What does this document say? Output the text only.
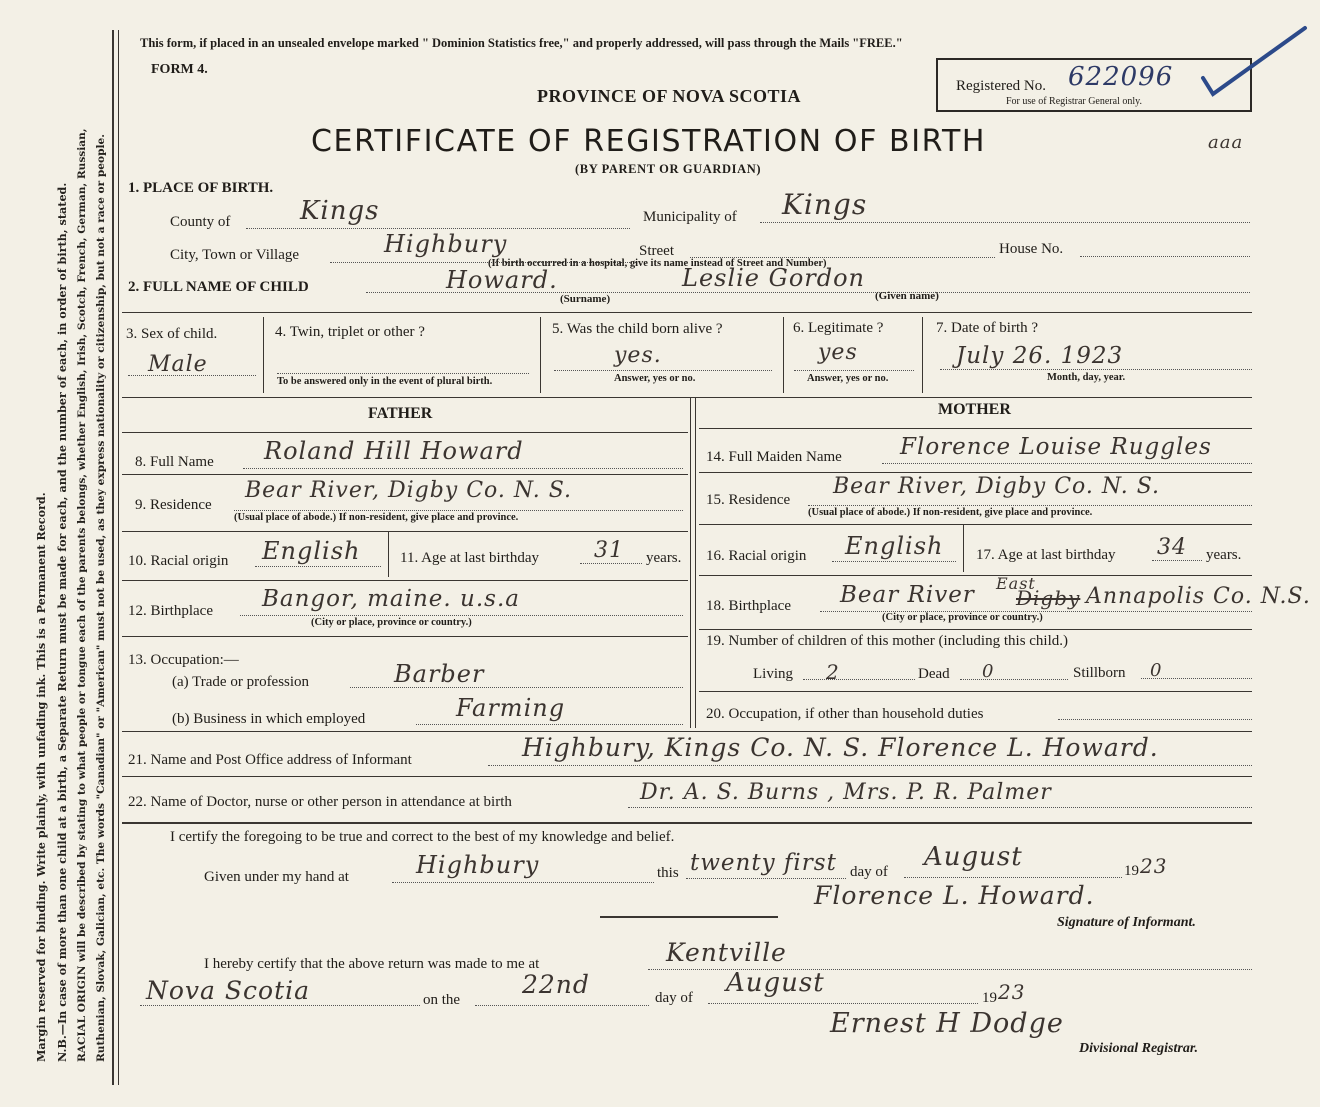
Margin reserved for binding. Write plainly, with unfading ink. This is a Permanent Record. N.B.—In case of more than one child at a birth, a Separate Return must be made for each, and the number of each, in order of birth, stated. RACIAL ORIGIN will be described by stating to what people or tongue each of the parents belongs, whether English, Irish, Scotch, French, German, Russian, Ruthenian, Slovak, Galician, etc. The words "Canadian" or "American" must not be used, as they express nationality or citizenship, but not a race or people.
This form, if placed in an unsealed envelope marked " Dominion Statistics free," and properly addressed, will pass through the Mails "FREE."
FORM 4.
PROVINCE OF NOVA SCOTIA
CERTIFICATE OF REGISTRATION OF BIRTH
(BY PARENT OR GUARDIAN)
Registered No. 622096
For use of Registrar General only.
aaa
1. PLACE OF BIRTH.
County of	Kings	Municipality of Kings
City, Town or Village	Highbury	Street	House No.
(If birth occurred in a hospital, give its name instead of Street and Number)
2. FULL NAME OF CHILD	Howard.	Leslie Gordon
(Surname)	(Given name)
3. Sex of child.
Male
4. Twin, triplet or other ?
To be answered only in the event of plural birth.
5. Was the child born alive ?
yes.
Answer, yes or no.
6. Legitimate ?
yes
Answer, yes or no.
7. Date of birth ?
July 26. 1923
Month, day, year.
FATHER	MOTHER
8. Full Name Roland Hill Howard
9. Residence
Bear River, Digby Co. N. S.
(Usual place of abode.) If non-resident, give place and province.
10. Racial origin English	11. Age at last birthday	31 years.
12. Birthplace Bangor, maine. u.s.a
(City or place, province or country.)
13. Occupation:—
(a) Trade or profession	Barber
(b) Business in which employed	Farming
14. Full Maiden Name	Florence Louise Ruggles
15. Residence
Bear River, Digby Co. N. S.
(Usual place of abode.) If non-resident, give place and province.
16. Racial origin English 17. Age at last birthday 34 years.
18. Birthplace Bear River East
Digby Annapolis Co. N.S.
(City or place, province or country.)
19. Number of children of this mother (including this child.)
Living 2	Dead 0	Stillborn 0
20. Occupation, if other than household duties
21. Name and Post Office address of Informant	Highbury, Kings Co. N. S. Florence L. Howard.
22. Name of Doctor, nurse or other person in attendance at birth	Dr. A. S. Burns , Mrs. P. R. Palmer
I certify the foregoing to be true and correct to the best of my knowledge and belief.
Given under my hand at	Highbury	this twenty first day of August	19 23
Florence L. Howard.
Signature of Informant.
I hereby certify that the above return was made to me at	Kentville
Nova Scotia	on the
22nd	day of August	19 23
Ernest H Dodge
Divisional Registrar.
